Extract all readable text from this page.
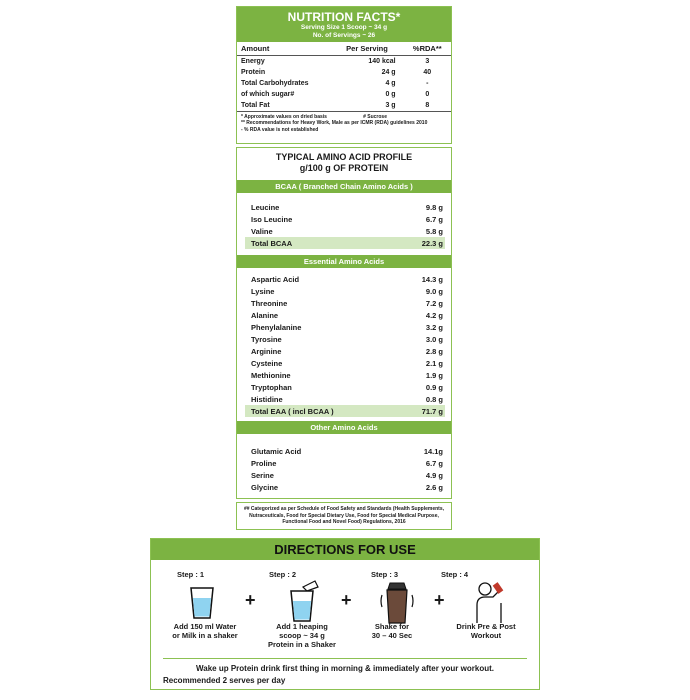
NUTRITION FACTS*
Serving Size 1 Scoop ~ 34 g
No. of Servings ~ 26
Amount	Per Serving	%RDA**
Energy	140 kcal	3
Protein	24 g	40
Total Carbohydrates	4 g	-
of which sugar#	0 g	0
Total Fat	3 g	8
* Approximate values on dried basis	# Sucrose
** Recommendations for Heavy Work, Male as per ICMR (RDA) guidelines 2010
- % RDA value is not established
TYPICAL AMINO ACID PROFILE
g/100 g OF PROTEIN
BCAA ( Branched Chain Amino Acids )
Leucine	9.8 g
Iso Leucine	6.7 g
Valine	5.8 g
Total BCAA	22.3 g
Essential Amino Acids
Aspartic Acid	14.3 g
Lysine	9.0 g
Threonine	7.2 g
Alanine	4.2 g
Phenylalanine	3.2 g
Tyrosine	3.0 g
Arginine	2.8 g
Cysteine	2.1 g
Methionine	1.9 g
Tryptophan	0.9 g
Histidine	0.8 g
Total EAA ( incl BCAA )	71.7 g
Other Amino Acids
Glutamic Acid	14.1g
Proline	6.7 g
Serine	4.9 g
Glycine	2.6 g
## Categorized as per Schedule of Food Safety and Standards (Health Supplements, Nutraceuticals, Food for Special Dietary Use, Food for Special Medical Purpose, Functional Food and Novel Food) Regulations, 2016
DIRECTIONS FOR USE
Step : 1	Step : 2	Step : 3	Step : 4
+	+	+
Add 150 ml Water
or Milk in a shaker
Add 1 heaping
scoop ~ 34 g
Protein in a Shaker
Shake for
30 – 40 Sec
Drink Pre & Post
Workout
Wake up Protein drink first thing in morning & immediately after your workout.
Recommended 2 serves per day
